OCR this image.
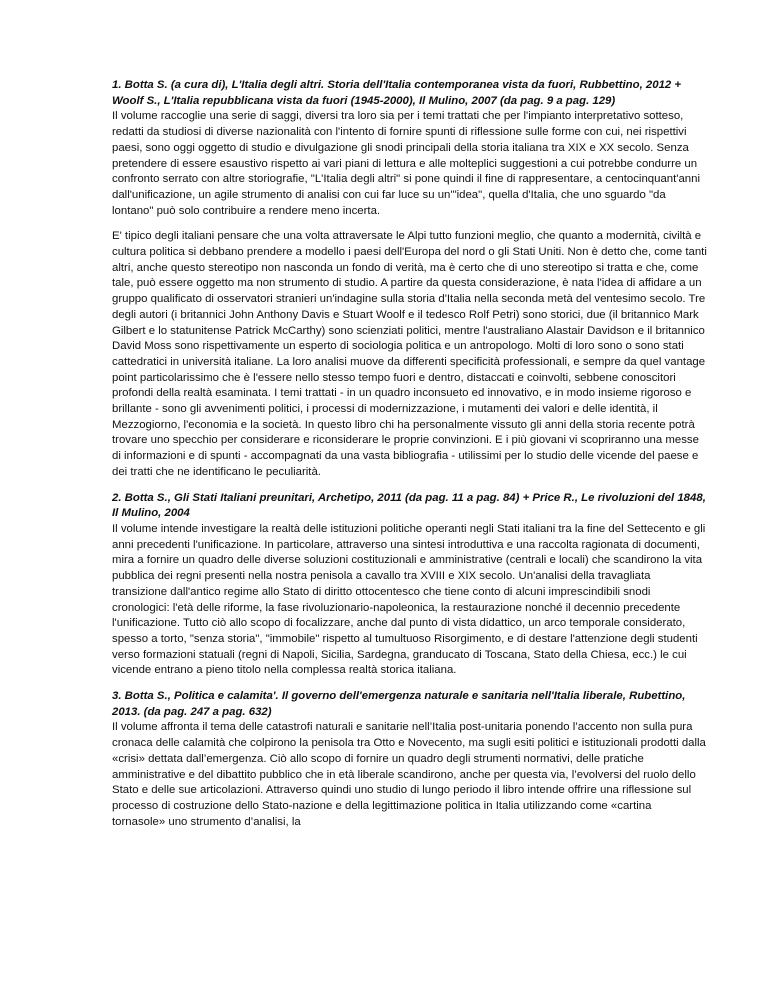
1. Botta S. (a cura di), L'Italia degli altri. Storia dell'Italia contemporanea vista da fuori, Rubbettino, 2012 + Woolf S., L'Italia repubblicana vista da fuori (1945-2000), Il Mulino, 2007 (da pag. 9 a pag. 129)

Il volume raccoglie una serie di saggi, diversi tra loro sia per i temi trattati che per l'impianto interpretativo sotteso, redatti da studiosi di diverse nazionalità con l'intento di fornire spunti di riflessione sulle forme con cui, nei rispettivi paesi, sono oggi oggetto di studio e divulgazione gli snodi principali della storia italiana tra XIX e XX secolo. Senza pretendere di essere esaustivo rispetto ai vari piani di lettura e alle molteplici suggestioni a cui potrebbe condurre un confronto serrato con altre storiografie, "L'Italia degli altri" si pone quindi il fine di rappresentare, a centocinquant'anni dall'unificazione, un agile strumento di analisi con cui far luce su un'"idea", quella d'Italia, che uno sguardo "da lontano" può solo contribuire a rendere meno incerta.

E' tipico degli italiani pensare che una volta attraversate le Alpi tutto funzioni meglio, che quanto a modernità, civiltà e cultura politica si debbano prendere a modello i paesi dell'Europa del nord o gli Stati Uniti. Non è detto che, come tanti altri, anche questo stereotipo non nasconda un fondo di verità, ma è certo che di uno stereotipo si tratta e che, come tale, può essere oggetto ma non strumento di studio. A partire da questa considerazione, è nata l'idea di affidare a un gruppo qualificato di osservatori stranieri un'indagine sulla storia d'Italia nella seconda metà del ventesimo secolo. Tre degli autori (i britannici John Anthony Davis e Stuart Woolf e il tedesco Rolf Petri) sono storici, due (il britannico Mark Gilbert e lo statunitense Patrick McCarthy) sono scienziati politici, mentre l'australiano Alastair Davidson e il britannico David Moss sono rispettivamente un esperto di sociologia politica e un antropologo. Molti di loro sono o sono stati cattedratici in università italiane. La loro analisi muove da differenti specificità professionali, e sempre da quel vantage point particolarissimo che è l'essere nello stesso tempo fuori e dentro, distaccati e coinvolti, sebbene conoscitori profondi della realtà esaminata. I temi trattati - in un quadro inconsueto ed innovativo, e in modo insieme rigoroso e brillante - sono gli avvenimenti politici, i processi di modernizzazione, i mutamenti dei valori e delle identità, il Mezzogiorno, l'economia e la società. In questo libro chi ha personalmente vissuto gli anni della storia recente potrà trovare uno specchio per considerare e riconsiderare le proprie convinzioni. E i più giovani vi scopriranno una messe di informazioni e di spunti - accompagnati da una vasta bibliografia - utilissimi per lo studio delle vicende del paese e dei tratti che ne identificano le peculiarità.

2. Botta S., Gli Stati Italiani preunitari, Archetipo, 2011 (da pag. 11 a pag. 84) + Price R., Le rivoluzioni del 1848, Il Mulino, 2004

Il volume intende investigare la realtà delle istituzioni politiche operanti negli Stati italiani tra la fine del Settecento e gli anni precedenti l'unificazione. In particolare, attraverso una sintesi introduttiva e una raccolta ragionata di documenti, mira a fornire un quadro delle diverse soluzioni costituzionali e amministrative (centrali e locali) che scandirono la vita pubblica dei regni presenti nella nostra penisola a cavallo tra XVIII e XIX secolo. Un'analisi della travagliata transizione dall'antico regime allo Stato di diritto ottocentesco che tiene conto di alcuni imprescindibili snodi cronologici: l'età delle riforme, la fase rivoluzionario-napoleonica, la restaurazione nonché il decennio precedente l'unificazione. Tutto ciò allo scopo di focalizzare, anche dal punto di vista didattico, un arco temporale considerato, spesso a torto, "senza storia", "immobile" rispetto al tumultuoso Risorgimento, e di destare l'attenzione degli studenti verso formazioni statuali (regni di Napoli, Sicilia, Sardegna, granducato di Toscana, Stato della Chiesa, ecc.) le cui vicende entrano a pieno titolo nella complessa realtà storica italiana.

3. Botta S., Politica e calamita'. Il governo dell'emergenza naturale e sanitaria nell'Italia liberale, Rubettino, 2013. (da pag. 247 a pag. 632)

Il volume affronta il tema delle catastrofi naturali e sanitarie nell’Italia post-unitaria ponendo l’accento non sulla pura cronaca delle calamità che colpirono la penisola tra Otto e Novecento, ma sugli esiti politici e istituzionali prodotti dalla «crisi» dettata dall’emergenza. Ciò allo scopo di fornire un quadro degli strumenti normativi, delle pratiche amministrative e del dibattito pubblico che in età liberale scandirono, anche per questa via, l’evolversi del ruolo dello Stato e delle sue articolazioni. Attraverso quindi uno studio di lungo periodo il libro intende offrire una riflessione sul processo di costruzione dello Stato-nazione e della legittimazione politica in Italia utilizzando come «cartina tornasole» uno strumento d’analisi, la
